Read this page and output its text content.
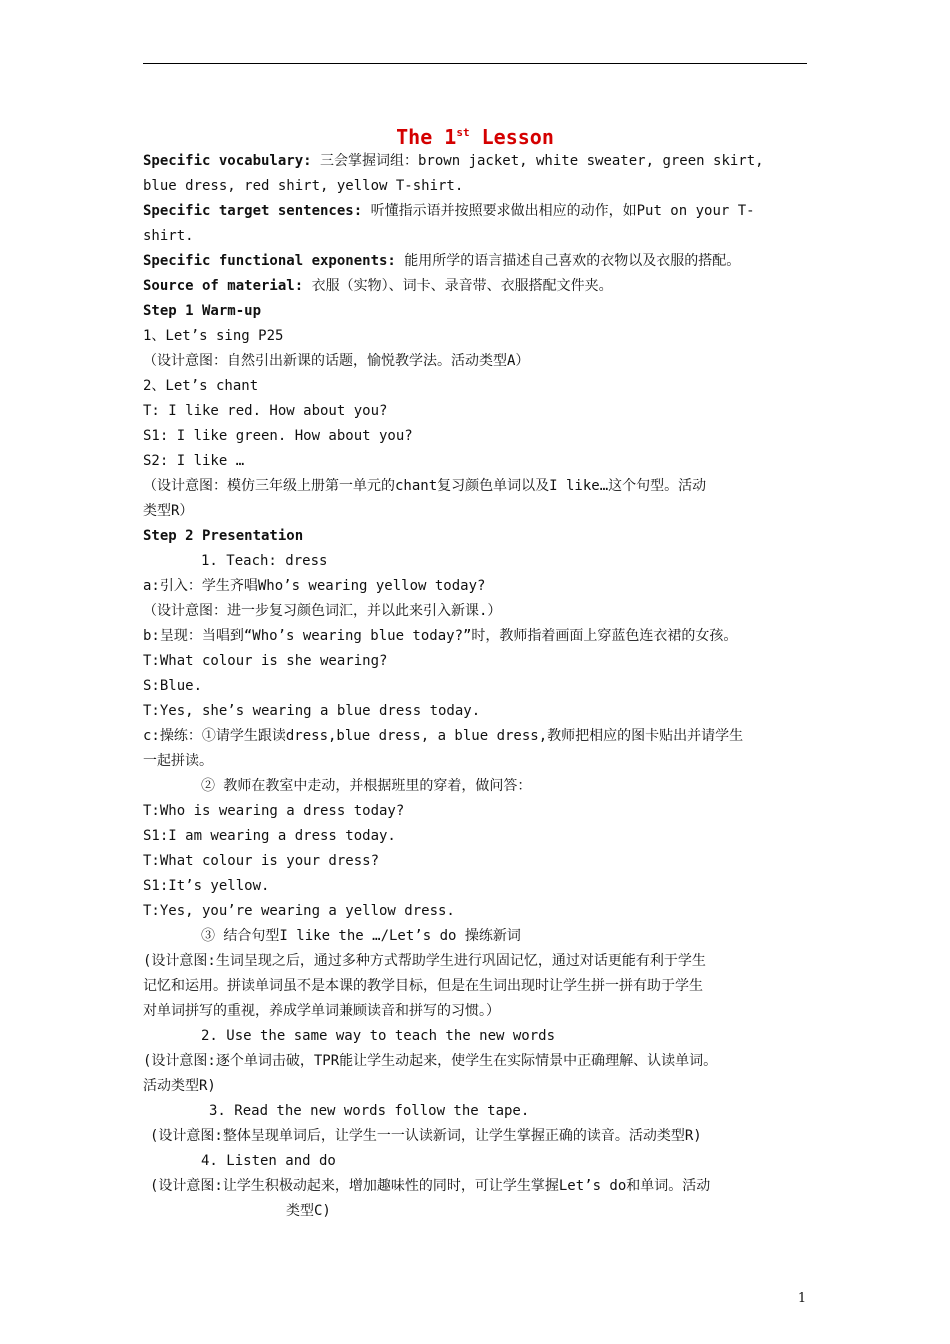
The 1st Lesson
Specific vocabulary: 三会掌握词组：brown jacket, white sweater, green skirt,
blue dress, red shirt, yellow T-shirt.
Specific target sentences: 听懂指示语并按照要求做出相应的动作，如Put on your T-
shirt.
Specific functional exponents: 能用所学的语言描述自己喜欢的衣物以及衣服的搭配。
Source of material: 衣服（实物）、词卡、录音带、衣服搭配文件夹。
Step 1 Warm-up
1、Let’s sing P25
（设计意图：自然引出新课的话题，愉悦教学法。活动类型A）
2、Let’s chant
T: I like red. How about you?
S1: I like green. How about you?
S2: I like …
（设计意图：模仿三年级上册第一单元的chant复习颜色单词以及I like…这个句型。活动
类型R）
Step 2 Presentation
1. Teach: dress
a:引入：学生齐唱Who’s wearing yellow today?
（设计意图：进一步复习颜色词汇，并以此来引入新课.）
b:呈现：当唱到“Who’s wearing blue today?”时，教师指着画面上穿蓝色连衣裙的女孩。
T:What colour is she wearing?
S:Blue.
T:Yes, she’s wearing a blue dress today.
c:操练：①请学生跟读dress,blue dress, a blue dress,教师把相应的图卡贴出并请学生
一起拼读。
② 教师在教室中走动，并根据班里的穿着，做问答：
T:Who is wearing a dress today?
S1:I am wearing a dress today.
T:What colour is your dress?
S1:It’s yellow.
T:Yes, you’re wearing a yellow dress.
③ 结合句型I like the …/Let’s do 操练新词
(设计意图:生词呈现之后，通过多种方式帮助学生进行巩固记忆，通过对话更能有利于学生
记忆和运用。拼读单词虽不是本课的教学目标，但是在生词出现时让学生拼一拼有助于学生
对单词拼写的重视，养成学单词兼顾读音和拼写的习惯。）
2. Use the same way to teach the new words
(设计意图:逐个单词击破，TPR能让学生动起来，使学生在实际情景中正确理解、认读单词。
活动类型R)
3. Read the new words follow the tape.
(设计意图:整体呈现单词后，让学生一一认读新词，让学生掌握正确的读音。活动类型R)
4. Listen and do
(设计意图:让学生积极动起来，增加趣味性的同时，可让学生掌握Let’s do和单词。活动
类型C)
1
